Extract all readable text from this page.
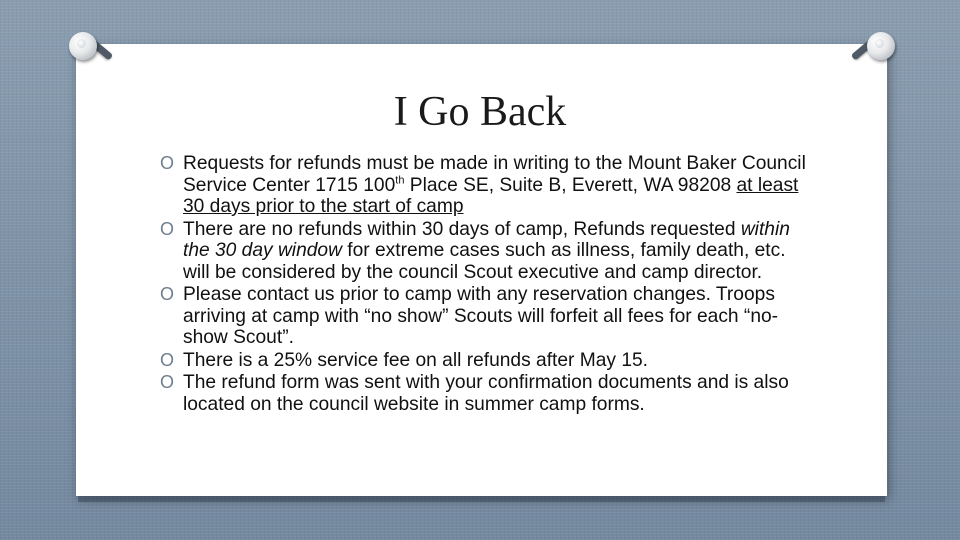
I Go Back
O Requests for refunds must be made in writing to the Mount Baker Council Service Center 1715 100th Place SE, Suite B, Everett, WA 98208 at least 30 days prior to the start of camp
O There are no refunds within 30 days of camp, Refunds requested within the 30 day window for extreme cases such as illness, family death, etc. will be considered by the council Scout executive and camp director.
O Please contact us prior to camp with any reservation changes. Troops arriving at camp with “no show” Scouts will forfeit all fees for each “no-show Scout”.
O There is a 25% service fee on all refunds after May 15.
O The refund form was sent with your confirmation documents and is also located on the council website in summer camp forms.
